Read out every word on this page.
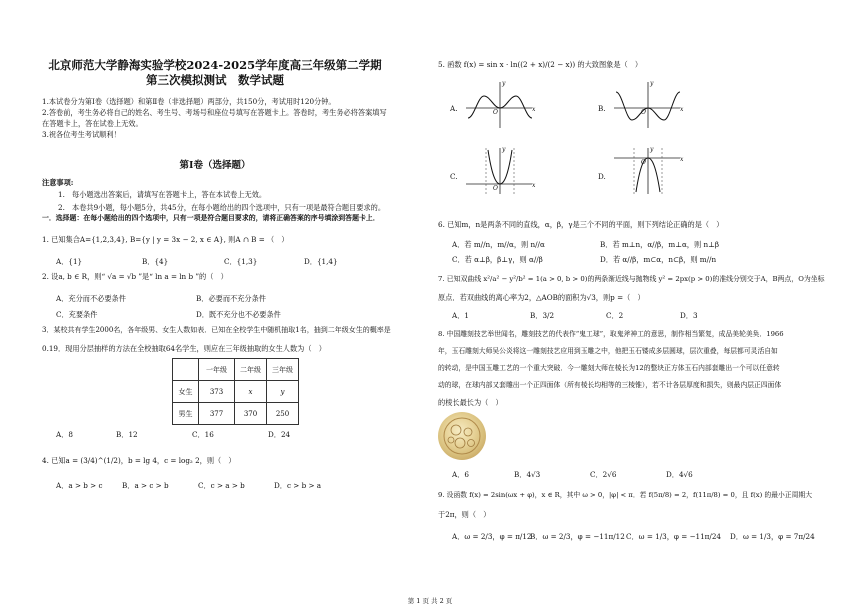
北京师范大学静海实验学校2024-2025学年度高三年级第二学期
第三次模拟测试　数学试题
1.本试卷分为第Ⅰ卷（选择题）和第Ⅱ卷（非选择题）两部分，共150分，考试用时120分钟。
2.答卷前，考生务必将自己的姓名、考生号、考场号和座位号填写在答题卡上。答卷时，考生务必将答案填写
在答题卡上，答在试卷上无效。
3.祝各位考生考试顺利！
第Ⅰ卷（选择题）
注意事项:
1.　每小题选出答案后，请填写在答题卡上，答在本试卷上无效。
2.　本卷共9小题，每小题5分，共45分，在每小题给出的四个选项中，只有一项是最符合题目要求的。
一．选择题：在每小题给出的四个选项中，只有一项是符合题目要求的，请将正确答案的序号填涂到答题卡上．
1. 已知集合A={1,2,3,4}, B={y | y = 3x − 2, x ∈ A}, 则A ∩ B = （　）
A．{1}	B．{4}	C．{1,3}	D．{1,4}
2. 设a, b ∈ R，则“ √a = √b ”是“ ln a = ln b ”的（　）
A．充分而不必要条件	B．必要而不充分条件
C．充要条件	D．既不充分也不必要条件
3．某校共有学生2000名，各年级男、女生人数如表．已知在全校学生中随机抽取1名，抽到二年级女生的概率是
0.19．现用分层抽样的方法在全校抽取64名学生，则应在三年级抽取的女生人数为（　）
	一年级	二年级	三年级
女生	373	x	y
男生	377	370	250
A．8	B．12	C．16	D．24
4. 已知a = (3/4)^(1/2)，b = lg 4，c = log₂ 2，则（　）
A．a > b > c	B．a > c > b	C．c > a > b	D．c > b > a
5. 函数 f(x) = sin x · ln((2 + x)/(2 − x)) 的大致图象是（　）
A.	x
y
O	B.	x
y
O
C.
x
y
O
D.
x
y
O
6. 已知m，n是两条不同的直线，α，β，γ是三个不同的平面，则下列结论正确的是（　）
A．若 m//n，m//α，则 n//α	B．若 m⊥n，α//β，m⊥α，则 n⊥β
C．若 α⊥β，β⊥γ，则 α//β	D．若 α//β，m⊂α，n⊂β，则 m//n
7. 已知双曲线 x²/a² − y²/b² = 1(a > 0, b > 0)的两条渐近线与抛物线 y² = 2px(p > 0)的准线分别交于A，B两点，O为坐标
原点．若双曲线的离心率为2，△AOB的面积为√3，则p =（　）
A．1	B．3/2	C．2	D．3
8. 中国雕刻技艺举世闻名，雕刻技艺的代表作“鬼工球”，取鬼斧神工的意思，制作相当繁复，成品美轮美奂．1966
年，玉石雕刻大师吴公炎将这一雕刻技艺应用到玉雕之中，他把玉石镂成多层圆球，层次重叠，每层都可灵活自如
的转动，是中国玉雕工艺的一个重大突破．今一雕刻大师在棱长为12的整块正方体玉石内部套雕出一个可以任意转
动的球，在球内部又套雕出一个正四面体（所有棱长均相等的三棱锥），若不计各层厚度和损失，则最内层正四面体
的棱长最长为（　）
A．6	B．4√3	C．2√6	D．4√6
9. 设函数 f(x) = 2sin(ωx + φ)，x ∈ R，其中 ω > 0，|φ| < π．若 f(5π/8) = 2，f(11π/8) = 0，且 f(x) 的最小正周期大
于2π，则（　）
A．ω = 2/3，φ = π/12
B．ω = 2/3，φ = −11π/12 C．ω = 1/3，φ = −11π/24 D．ω = 1/3，φ = 7π/24
第 1 页 共 2 页
